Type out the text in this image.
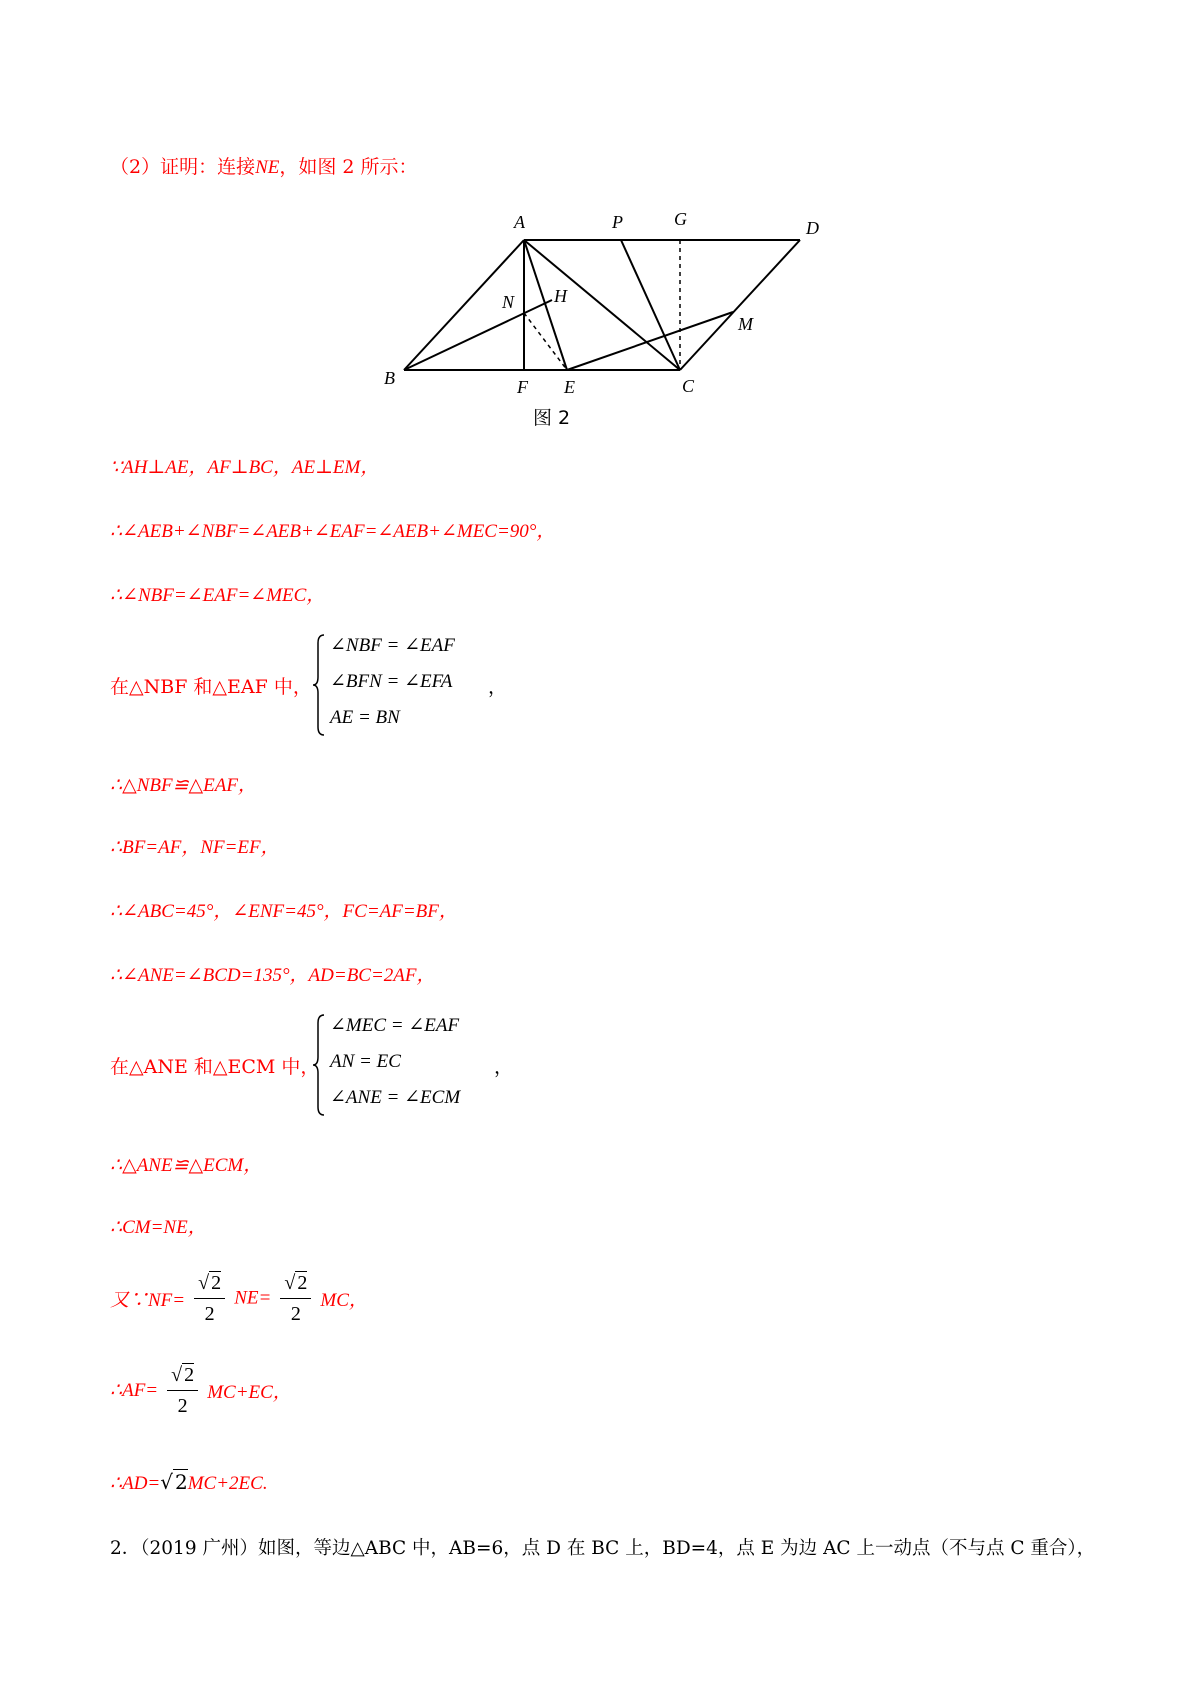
（2）证明：连接NE，如图 2 所示：
A	P	G	D
N H
M
B	F E	C
图 2
∵AH⊥AE，AF⊥BC，AE⊥EM，
∴∠AEB+∠NBF=∠AEB+∠EAF=∠AEB+∠MEC=90°，
∴∠NBF=∠EAF=∠MEC，
在△NBF 和△EAF 中，
∠NBF = ∠EAF
∠BFN = ∠EFA
AE = BN
，
∴△NBF≌△EAF，
∴BF=AF，NF=EF，
∴∠ABC=45°，∠ENF=45°，FC=AF=BF，
∴∠ANE=∠BCD=135°，AD=BC=2AF，
在△ANE 和△ECM 中，
∠MEC = ∠EAF
AN = EC
∠ANE = ∠ECM
，
∴△ANE≌△ECM，
∴CM=NE，
又∵NF= $\frac{√ 2}{2} NE= \frac{√ 2}{2}$ MC，
∴AF= $\frac{√ 2}{2} MC+EC$，
∴AD=√ 2MC+2EC.
2．（2019 广州）如图，等边△ABC 中，AB=6，点 D 在 BC 上，BD=4，点 E 为边 AC 上一动点（不与点 C 重合），
